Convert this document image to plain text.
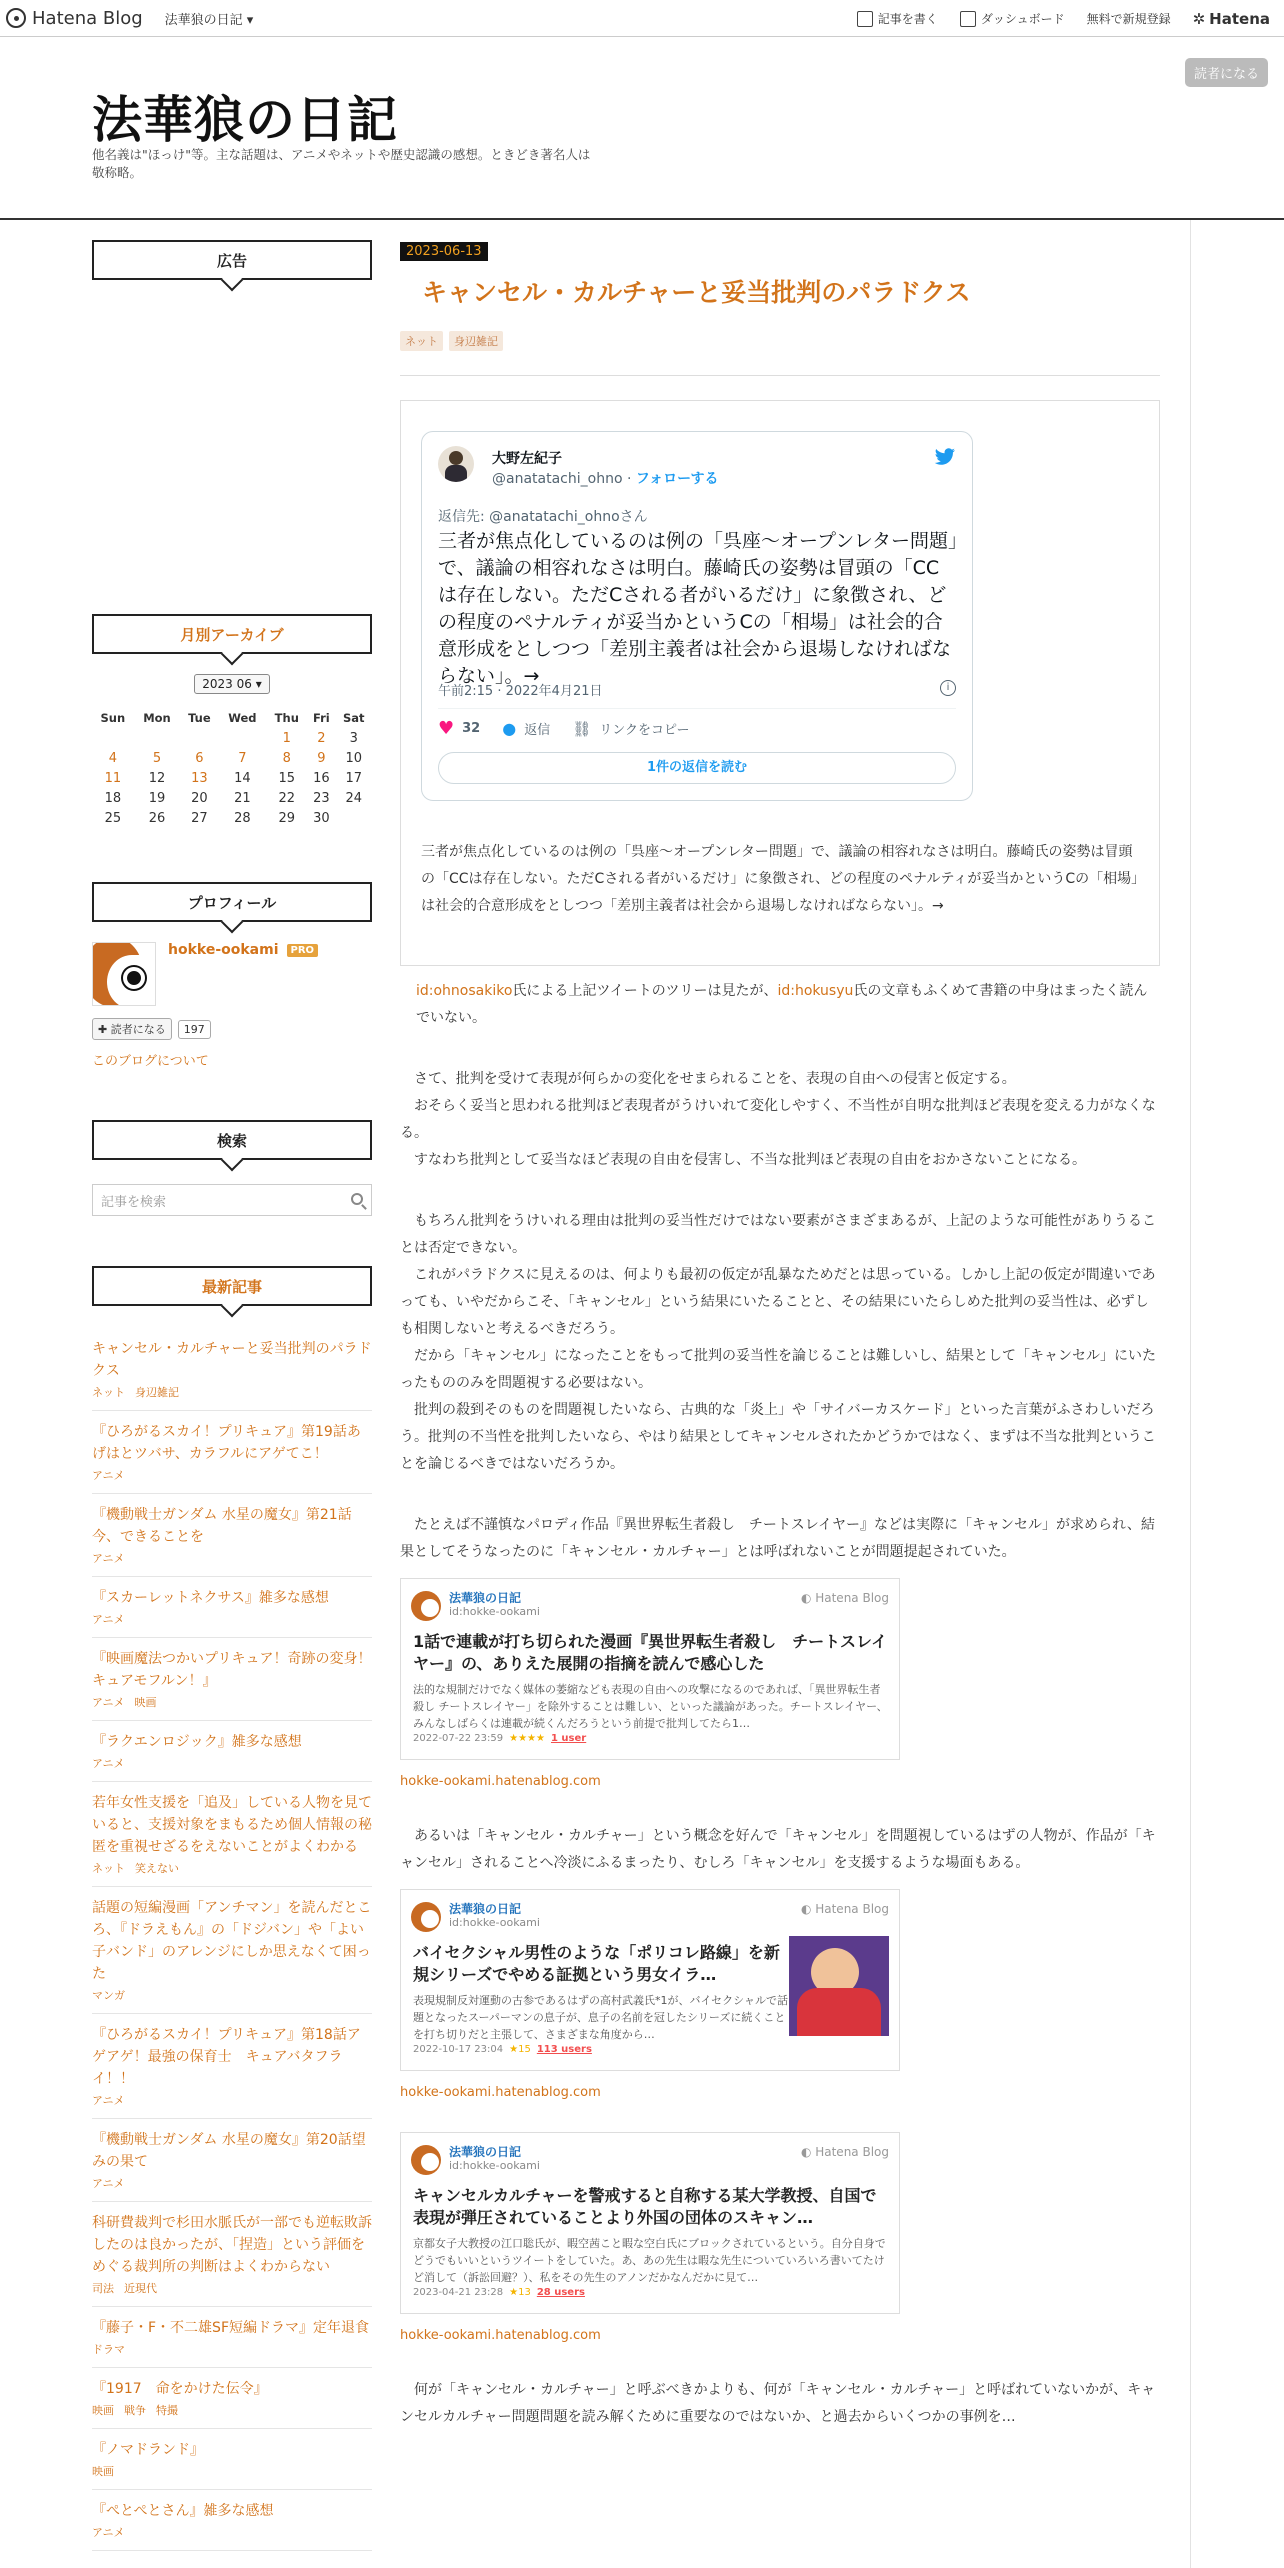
Hatena Blog 法華狼の日記 ▾	記事を書く	ダッシュボード 無料で新規登録 ✲ Hatena
法華狼の日記
他名義は"ほっけ"等。主な話題は、アニメやネットや歴史認識の感想。ときどき著名人は敬称略。
読者になる
広告
月別アーカイブ
2023 06 ▾
Sun	Mon	Tue	Wed	Thu	Fri	Sat
				1	2	3
4	5	6	7	8	9	10
11	12	13	14	15	16	17
18	19	20	21	22	23	24
25	26	27	28	29	30	
プロフィール
hokke-ookami	PRO
✚ 読者になる	197
このブログについて
検索
記事を検索
最新記事
キャンセル・カルチャーと妥当批判のパラドクス
ネット 身辺雑記
『ひろがるスカイ！プリキュア』第19話あげはとツバサ、カラフルにアゲてこ！
アニメ
『機動戦士ガンダム 水星の魔女』第21話今、できることを
アニメ
『スカーレットネクサス』雑多な感想
アニメ
『映画魔法つかいプリキュア！奇跡の変身！キュアモフルン！』
アニメ 映画
『ラクエンロジック』雑多な感想
アニメ
若年女性支援を「追及」している人物を見ていると、支援対象をまもるため個人情報の秘匿を重視せざるをえないことがよくわかる
ネット 笑えない
話題の短編漫画「アンチマン」を読んだところ、『ドラえもん』の「ドジバン」や「よい子バンド」のアレンジにしか思えなくて困った
マンガ
『ひろがるスカイ！プリキュア』第18話アゲアゲ！最強の保育士　キュアバタフライ！！
アニメ
『機動戦士ガンダム 水星の魔女』第20話望みの果て
アニメ
科研費裁判で杉田水脈氏が一部でも逆転敗訴したのは良かったが、「捏造」という評価をめぐる裁判所の判断はよくわからない
司法 近現代
『藤子・F・不二雄SF短編ドラマ』定年退食
ドラマ
『1917　命をかけた伝令』
映画 戦争 特撮
『ノマドランド』
映画
『ぺとぺとさん』雑多な感想
アニメ
2023-06-13
キャンセル・カルチャーと妥当批判のパラドクス
ネット	身辺雑記
大野左紀子
@anatatachi_ohno · フォローする
返信先: @anatatachi_ohnoさん
三者が焦点化しているのは例の「呉座〜オープンレター問題」で、議論の相容れなさは明白。藤崎氏の姿勢は冒頭の「CCは存在しない。ただCされる者がいるだけ」に象徴され、どの程度のペナルティが妥当かというCの「相場」は社会的合意形成をとしつつ「差別主義者は社会から退場しなければならない」。→
午前2:15 · 2022年4月21日	i
♥ 32 ● 返信 ⛓ リンクをコピー
1件の返信を読む
三者が焦点化しているのは例の「呉座〜オープンレター問題」で、議論の相容れなさは明白。藤崎氏の姿勢は冒頭の「CCは存在しない。ただCされる者がいるだけ」に象徴され、どの程度のペナルティが妥当かというCの「相場」は社会的合意形成をとしつつ「差別主義者は社会から退場しなければならない」。→
id:ohnosakiko氏による上記ツイートのツリーは見たが、id:hokusyu氏の文章もふくめて書籍の中身はまったく読んでいない。
　さて、批判を受けて表現が何らかの変化をせまられることを、表現の自由への侵害と仮定する。
　おそらく妥当と思われる批判ほど表現者がうけいれて変化しやすく、不当性が自明な批判ほど表現を変える力がなくなる。
　すなわち批判として妥当なほど表現の自由を侵害し、不当な批判ほど表現の自由をおかさないことになる。
　もちろん批判をうけいれる理由は批判の妥当性だけではない要素がさまざまあるが、上記のような可能性がありうることは否定できない。
　これがパラドクスに見えるのは、何よりも最初の仮定が乱暴なためだとは思っている。しかし上記の仮定が間違いであっても、いやだからこそ、「キャンセル」という結果にいたることと、その結果にいたらしめた批判の妥当性は、必ずしも相関しないと考えるべきだろう。
　だから「キャンセル」になったことをもって批判の妥当性を論じることは難しいし、結果として「キャンセル」にいたったもののみを問題視する必要はない。
　批判の殺到そのものを問題視したいなら、古典的な「炎上」や「サイバーカスケード」といった言葉がふさわしいだろう。批判の不当性を批判したいなら、やはり結果としてキャンセルされたかどうかではなく、まずは不当な批判ということを論じるべきではないだろうか。
　たとえば不謹慎なパロディ作品『異世界転生者殺し　チートスレイヤー』などは実際に「キャンセル」が求められ、結果としてそうなったのに「キャンセル・カルチャー」とは呼ばれないことが問題提起されていた。
法華狼の日記
id:hokke-ookami
◐ Hatena Blog
1話で連載が打ち切られた漫画『異世界転生者殺し　チートスレイヤー』の、ありえた展開の指摘を読んで感心した
法的な規制だけでなく媒体の萎縮なども表現の自由への攻撃になるのであれば、「異世界転生者殺し チートスレイヤー」を除外することは難しい、といった議論があった。チートスレイヤー、みんなしばらくは連載が続くんだろうという前提で批判してたら1…
2022-07-22 23:59 ★★★★ 1 user
hokke-ookami.hatenablog.com
　あるいは「キャンセル・カルチャー」という概念を好んで「キャンセル」を問題視しているはずの人物が、作品が「キャンセル」されることへ冷淡にふるまったり、むしろ「キャンセル」を支援するような場面もある。
法華狼の日記
id:hokke-ookami
◐ Hatena Blog
バイセクシャル男性のような「ポリコレ路線」を新規シリーズでやめる証拠という男女イラ…
表現規制反対運動の古参であるはずの高村武義氏*1が、バイセクシャルで話題となったスーパーマンの息子が、息子の名前を冠したシリーズに続くことを打ち切りだと主張して、さまざまな角度から…
2022-10-17 23:04 ★15 113 users
hokke-ookami.hatenablog.com
法華狼の日記
id:hokke-ookami
◐ Hatena Blog
キャンセルカルチャーを警戒すると自称する某大学教授、自国で表現が弾圧されていることより外国の団体のスキャン…
京都女子大教授の江口聡氏が、暇空茜こと暇な空白氏にブロックされているという。自分自身でどうでもいいというツイートをしていた。あ、あの先生は暇な先生についていろいろ書いてたけど消して（訴訟回避？）、私をその先生のアノンだかなんだかに見て…
2023-04-21 23:28 ★13 28 users
hokke-ookami.hatenablog.com
　何が「キャンセル・カルチャー」と呼ぶべきかよりも、何が「キャンセル・カルチャー」と呼ばれていないかが、キャンセルカルチャー問題問題を読み解くために重要なのではないか、と過去からいくつかの事例を…
